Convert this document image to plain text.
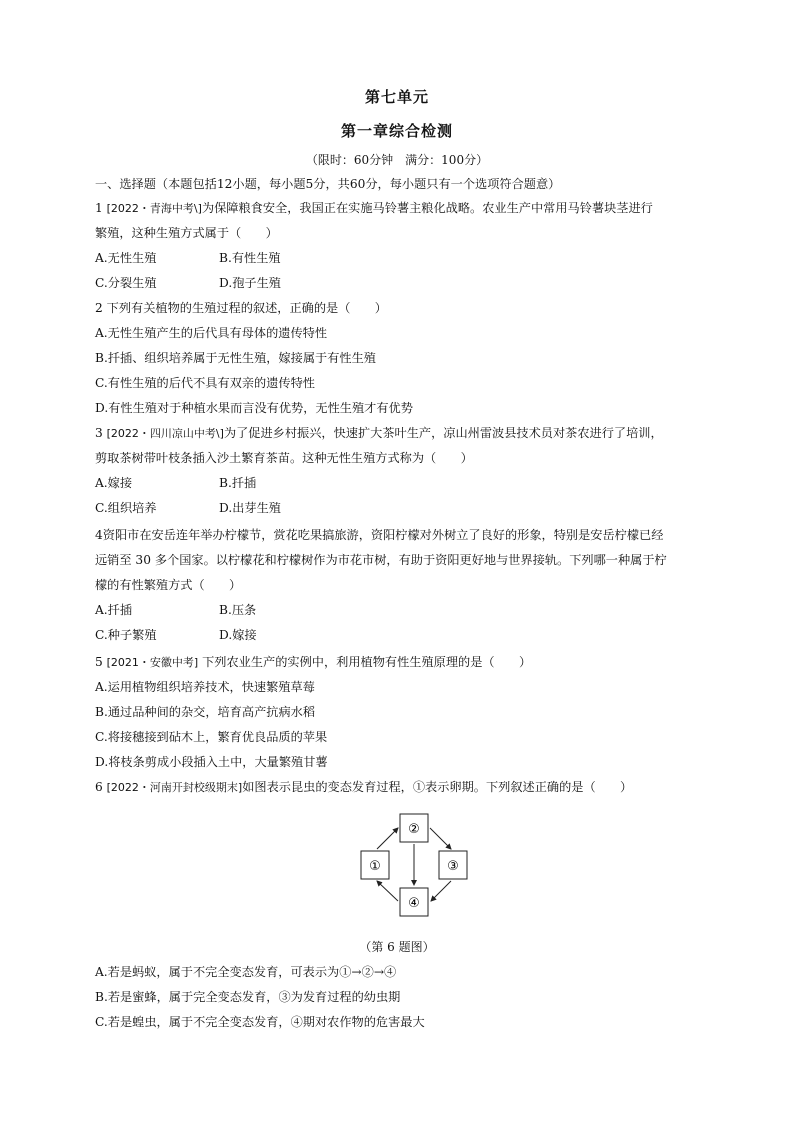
第七单元
第一章综合检测
（限时：60分钟　满分：100分）
一、选择题（本题包括12小题，每小题5分，共60分，每小题只有一个选项符合题意）
1 [2022・青海中考\]为保障粮食安全，我国正在实施马铃薯主粮化战略。农业生产中常用马铃薯块茎进行
繁殖，这种生殖方式属于（　　）
A.无性生殖	B.有性生殖
C.分裂生殖	D.孢子生殖
2 下列有关植物的生殖过程的叙述，正确的是（　　）
A.无性生殖产生的后代具有母体的遗传特性
B.扦插、组织培养属于无性生殖，嫁接属于有性生殖
C.有性生殖的后代不具有双亲的遗传特性
D.有性生殖对于种植水果而言没有优势，无性生殖才有优势
3 [2022・四川凉山中考\]为了促进乡村振兴，快速扩大茶叶生产，凉山州雷波县技术员对茶农进行了培训，
剪取茶树带叶枝条插入沙土繁育茶苗。这种无性生殖方式称为（　　）
A.嫁接	B.扦插
C.组织培养	D.出芽生殖
4资阳市在安岳连年举办柠檬节，赏花吃果搞旅游，资阳柠檬对外树立了良好的形象，特别是安岳柠檬已经
远销至 30 多个国家。以柠檬花和柠檬树作为市花市树，有助于资阳更好地与世界接轨。下列哪一种属于柠
檬的有性繁殖方式（　　）
A.扦插	B.压条
C.种子繁殖	D.嫁接
5 [2021・安徽中考] 下列农业生产的实例中，利用植物有性生殖原理的是（　　）
A.运用植物组织培养技术，快速繁殖草莓
B.通过品种间的杂交，培育高产抗病水稻
C.将接穗接到砧木上，繁育优良品质的苹果
D.将枝条剪成小段插入土中，大量繁殖甘薯
6 [2022・河南开封校级期末]如图表示昆虫的变态发育过程，①表示卵期。下列叙述正确的是（　　）
①
②
③
④
（第 6 题图）
A.若是蚂蚁，属于不完全变态发育，可表示为①→②→④
B.若是蜜蜂，属于完全变态发育，③为发育过程的幼虫期
C.若是蝗虫，属于不完全变态发育，④期对农作物的危害最大
